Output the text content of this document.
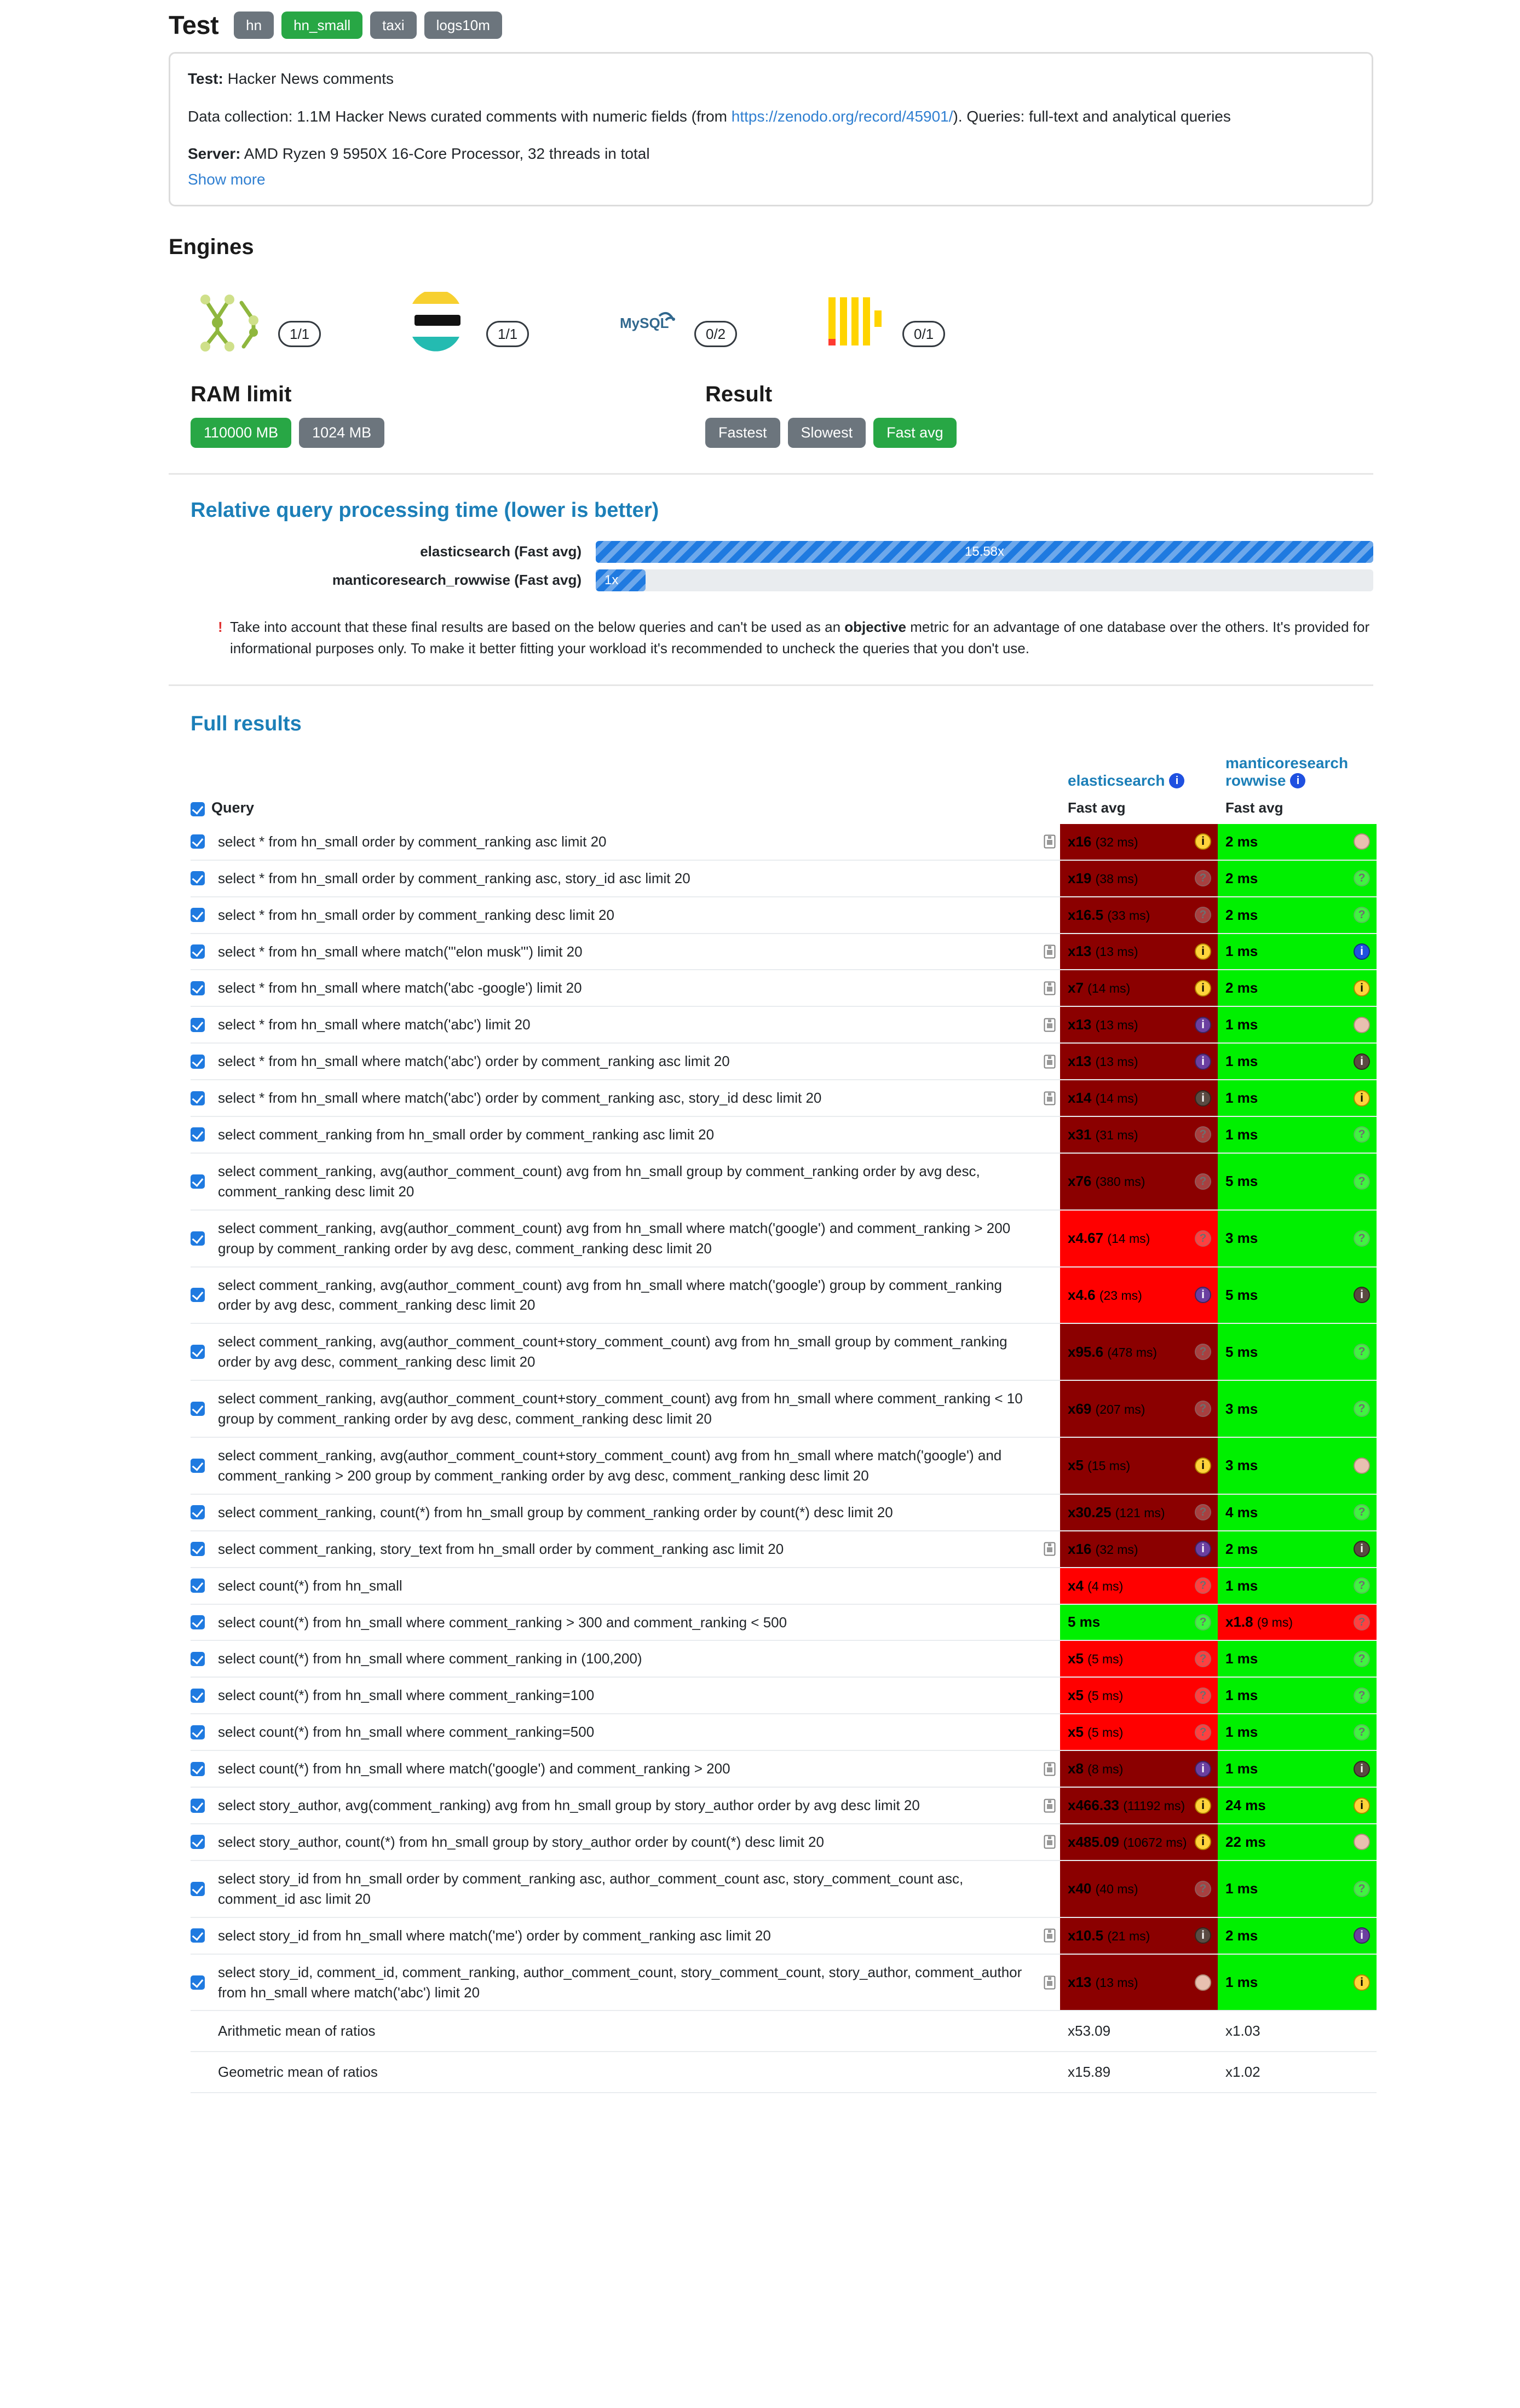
Test	hn	hn_small	taxi	logs10m

Test: Hacker News comments

Data collection: 1.1M Hacker News curated comments with numeric fields (from https://zenodo.org/record/45901/). Queries: full-text and analytical queries

Server: AMD Ryzen 9 5950X 16-Core Processor, 32 threads in total

Show more
Engines
1/1	1/1
MySQL
0/2	0/1
RAM limit
110000 MB	1024 MB
Result
Fastest	Slowest	Fast avg
Relative query processing time (lower is better)
elasticsearch (Fast avg)	15.58x
manticoresearch_rowwise (Fast avg)	1x
! Take into account that these final results are based on the below queries and can't be used as an objective metric for an advantage of one database over the others. It's provided for informational purposes only. To make it better fitting your workload it's recommended to uncheck the queries that you don't use.
Full results
		elasticsearch i	manticoresearch
rowwise i

	Query	Fast avg	Fast avg
	select * from hn_small order by comment_ranking asc limit 20	x16 (32 ms) i	2 ms

	select * from hn_small order by comment_ranking asc, story_id asc limit 20	x19 (38 ms) ?	2 ms ?

	select * from hn_small order by comment_ranking desc limit 20	x16.5 (33 ms) ?	2 ms ?

	select * from hn_small where match('"elon musk"') limit 20	x13 (13 ms) i	1 ms i

	select * from hn_small where match('abc -google') limit 20	x7 (14 ms) i	2 ms i

	select * from hn_small where match('abc') limit 20	x13 (13 ms) i	1 ms

	select * from hn_small where match('abc') order by comment_ranking asc limit 20	x13 (13 ms) i	1 ms i

	select * from hn_small where match('abc') order by comment_ranking asc, story_id desc limit 20	x14 (14 ms) i	1 ms i

	select comment_ranking from hn_small order by comment_ranking asc limit 20	x31 (31 ms) ?	1 ms ?

	select comment_ranking, avg(author_comment_count) avg from hn_small group by comment_ranking order by avg desc, comment_ranking desc limit 20	x76 (380 ms) ?	5 ms ?

	select comment_ranking, avg(author_comment_count) avg from hn_small where match('google') and comment_ranking > 200 group by comment_ranking order by avg desc, comment_ranking desc limit 20	x4.67 (14 ms) ?	3 ms ?

	select comment_ranking, avg(author_comment_count) avg from hn_small where match('google') group by comment_ranking order by avg desc, comment_ranking desc limit 20	x4.6 (23 ms) i	5 ms i

	select comment_ranking, avg(author_comment_count+story_comment_count) avg from hn_small group by comment_ranking order by avg desc, comment_ranking desc limit 20	x95.6 (478 ms) ?	5 ms ?

	select comment_ranking, avg(author_comment_count+story_comment_count) avg from hn_small where comment_ranking < 10 group by comment_ranking order by avg desc, comment_ranking desc limit 20	x69 (207 ms) ?	3 ms ?

	select comment_ranking, avg(author_comment_count+story_comment_count) avg from hn_small where match('google') and comment_ranking > 200 group by comment_ranking order by avg desc, comment_ranking desc limit 20	x5 (15 ms) i	3 ms

	select comment_ranking, count(*) from hn_small group by comment_ranking order by count(*) desc limit 20	x30.25 (121 ms) ?	4 ms ?

	select comment_ranking, story_text from hn_small order by comment_ranking asc limit 20	x16 (32 ms) i	2 ms i

	select count(*) from hn_small	x4 (4 ms) ?	1 ms ?

	select count(*) from hn_small where comment_ranking > 300 and comment_ranking < 500	5 ms ?	x1.8 (9 ms) ?

	select count(*) from hn_small where comment_ranking in (100,200)	x5 (5 ms) ?	1 ms ?

	select count(*) from hn_small where comment_ranking=100	x5 (5 ms) ?	1 ms ?

	select count(*) from hn_small where comment_ranking=500	x5 (5 ms) ?	1 ms ?

	select count(*) from hn_small where match('google') and comment_ranking > 200	x8 (8 ms) i	1 ms i

	select story_author, avg(comment_ranking) avg from hn_small group by story_author order by avg desc limit 20	x466.33 (11192 ms) i	24 ms i

	select story_author, count(*) from hn_small group by story_author order by count(*) desc limit 20	x485.09 (10672 ms) i	22 ms

	select story_id from hn_small order by comment_ranking asc, author_comment_count asc, story_comment_count asc, comment_id asc limit 20	x40 (40 ms) ?	1 ms ?

	select story_id from hn_small where match('me') order by comment_ranking asc limit 20	x10.5 (21 ms) i	2 ms i

	select story_id, comment_id, comment_ranking, author_comment_count, story_comment_count, story_author, comment_author from hn_small where match('abc') limit 20	x13 (13 ms)	1 ms i

	Arithmetic mean of ratios	x53.09	x1.03
	Geometric mean of ratios	x15.89	x1.02
